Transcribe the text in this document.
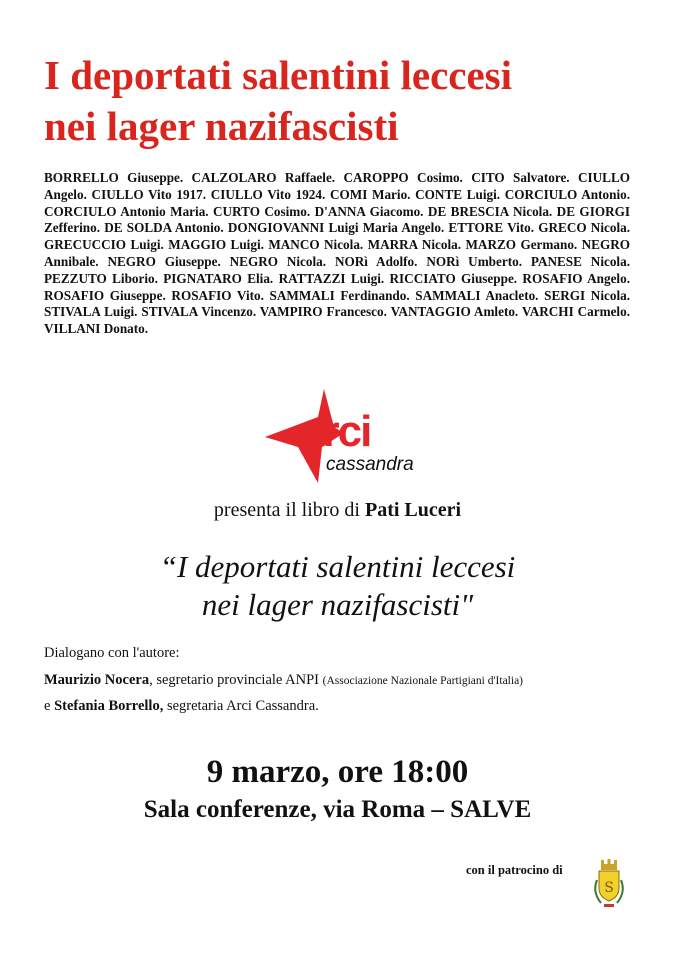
I deportati salentini leccesi
nei lager nazifascisti
BORRELLO Giuseppe. CALZOLARO Raffaele. CAROPPO Cosimo. CITO Salvatore. CIULLO Angelo. CIULLO Vito 1917. CIULLO Vito 1924. COMI Mario. CONTE Luigi. CORCIULO Antonio. CORCIULO Antonio Maria. CURTO Cosimo. D'ANNA Giacomo. DE BRESCIA Nicola. DE GIORGI Zefferino. DE SOLDA Antonio. DONGIOVANNI Luigi Maria Angelo. ETTORE Vito. GRECO Nicola. GRECUCCIO Luigi. MAGGIO Luigi. MANCO Nicola. MARRA Nicola. MARZO Germano. NEGRO Annibale. NEGRO Giuseppe. NEGRO Nicola. NORì Adolfo. NORì Umberto. PANESE Nicola. PEZZUTO Liborio. PIGNATARO Elia. RATTAZZI Luigi. RICCIATO Giuseppe. ROSAFIO Angelo. ROSAFIO Giuseppe. ROSAFIO Vito. SAMMALI Ferdinando. SAMMALI Anacleto. SERGI Nicola. STIVALA Luigi. STIVALA Vincenzo. VAMPIRO Francesco. VANTAGGIO Amleto. VARCHI Carmelo. VILLANI Donato.
arci
cassandra
presenta il libro di Pati Luceri
“I deportati salentini leccesi
nei lager nazifascisti"
Dialogano con l'autore:
Maurizio Nocera, segretario provinciale ANPI (Associazione Nazionale Partigiani d'Italia)
e Stefania Borrello, segretaria Arci Cassandra.
9 marzo, ore 18:00
Sala conferenze, via Roma – SALVE
con il patrocino di
S
